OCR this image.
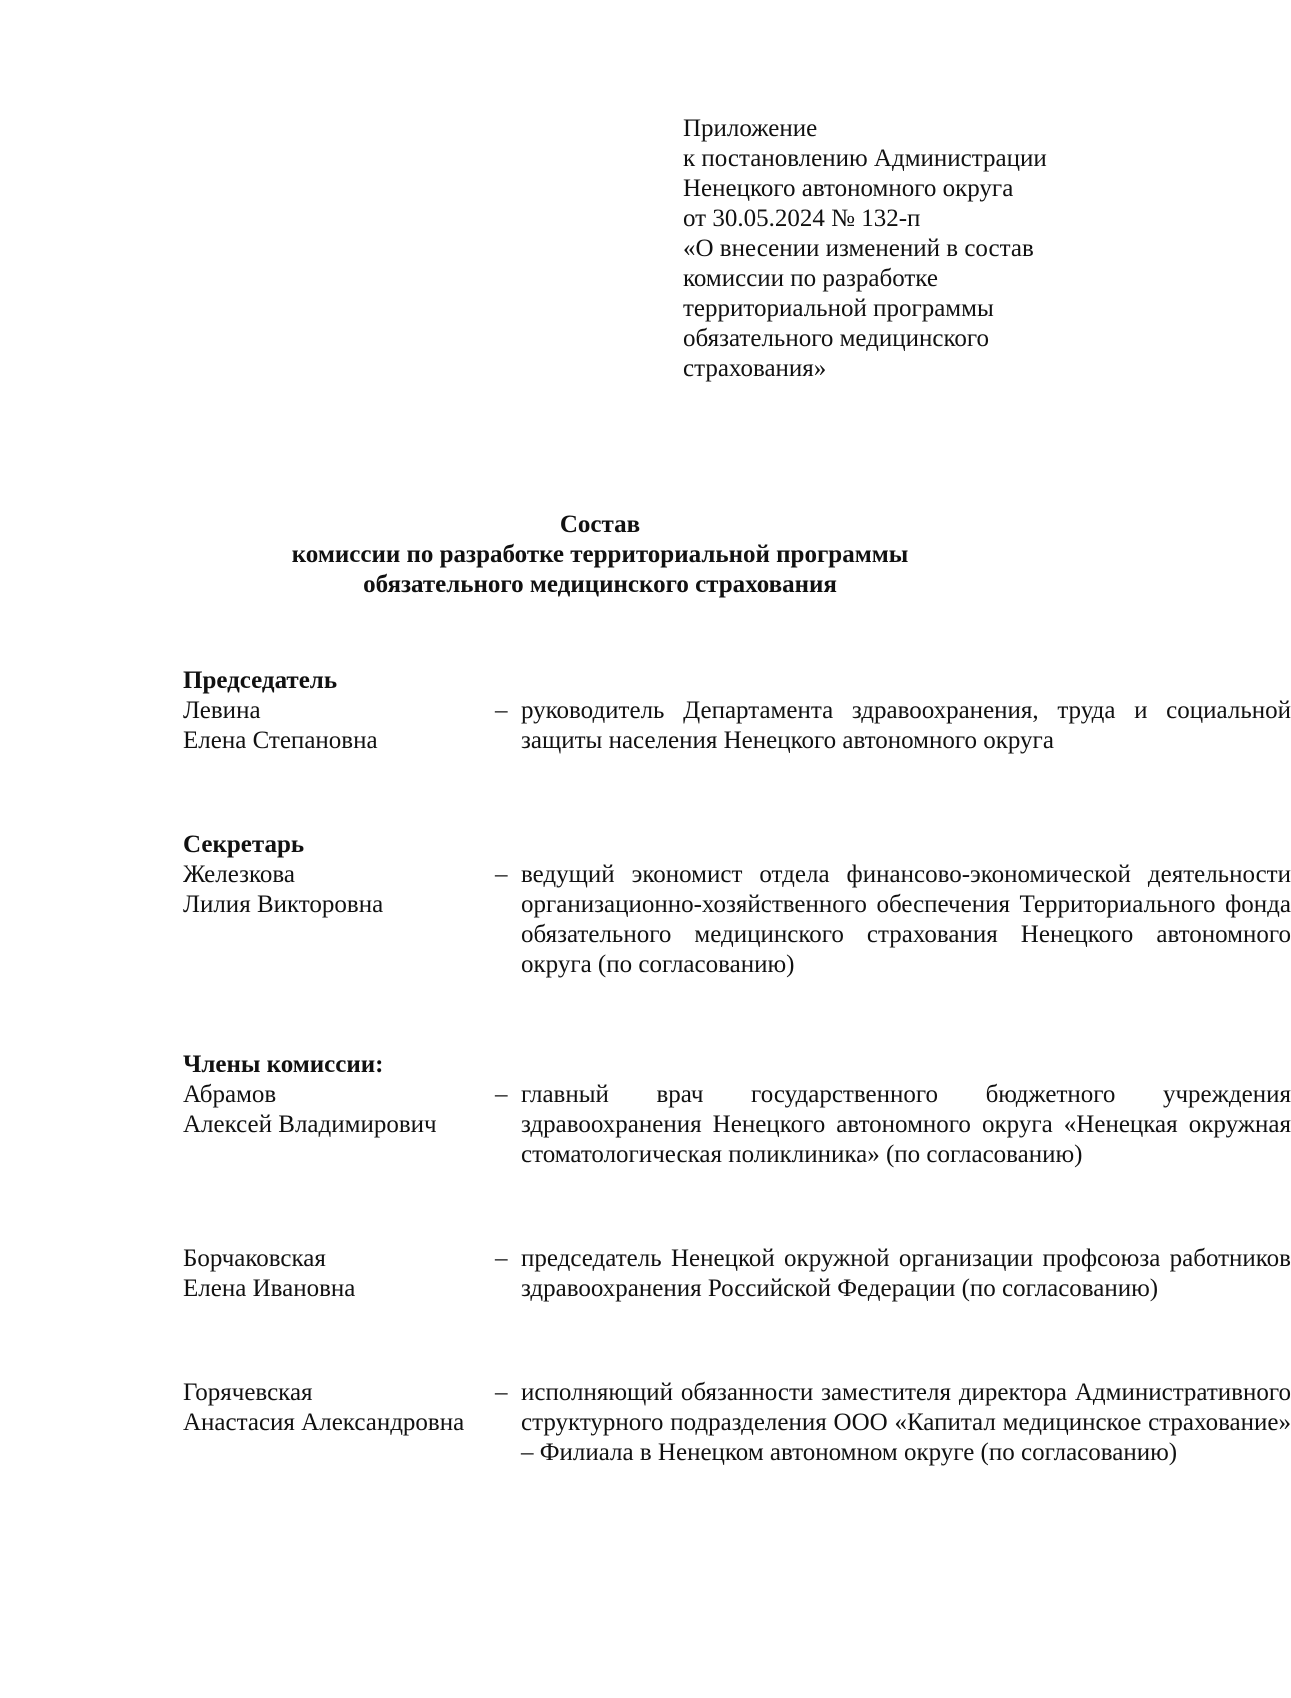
Приложение
к постановлению Администрации
Ненецкого автономного округа
от 30.05.2024 № 132-п
«О внесении изменений в состав
комиссии по разработке
территориальной программы
обязательного медицинского
страхования»
Состав
комиссии по разработке территориальной программы
обязательного медицинского страхования
Председатель
Левина
Елена Степановна
– руководитель Департамента здравоохранения, труда и социальной защиты населения Ненецкого автономного округа
Секретарь
Железкова
Лилия Викторовна
– ведущий экономист отдела финансово-экономической деятельности организационно-хозяйственного обеспечения Территориального фонда обязательного медицинского страхования Ненецкого автономного округа (по согласованию)
Члены комиссии:
Абрамов
Алексей Владимирович
– главный врач государственного бюджетного учреждения здравоохранения Ненецкого автономного округа «Ненецкая окружная стоматологическая поликлиника» (по согласованию)
Борчаковская
Елена Ивановна
– председатель Ненецкой окружной организации профсоюза работников здравоохранения Российской Федерации (по согласованию)
Горячевская
Анастасия Александровна
– исполняющий обязанности заместителя директора Административного структурного подразделения ООО «Капитал медицинское страхование» – Филиала в Ненецком автономном округе (по согласованию)
